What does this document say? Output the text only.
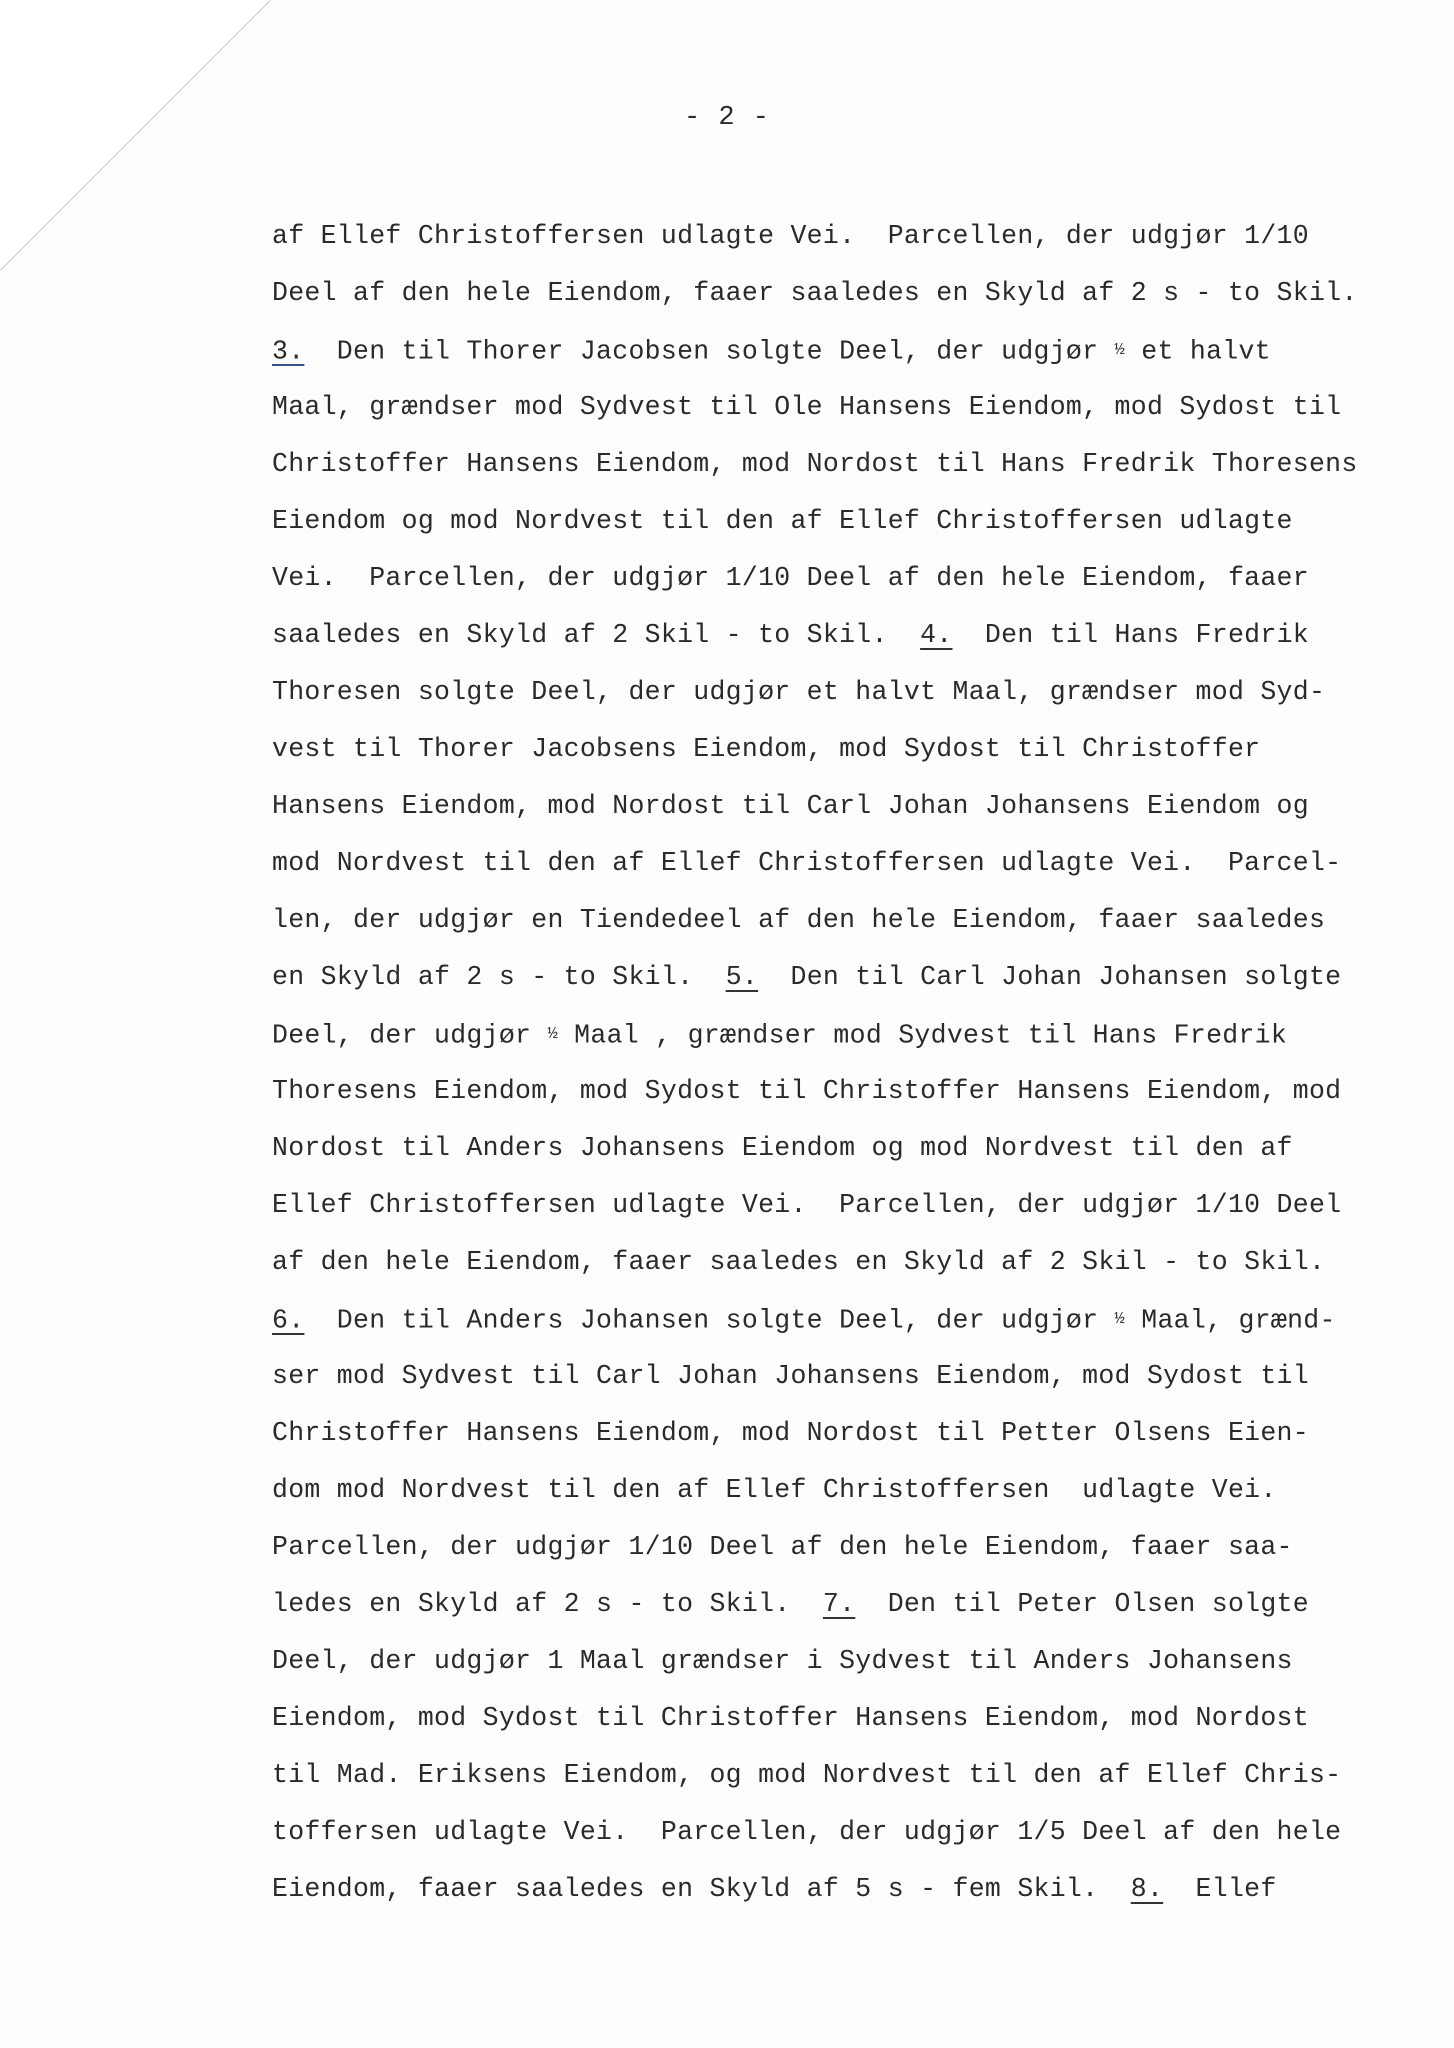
- 2 -
af Ellef Christoffersen udlagte Vei.  Parcellen, der udgjør 1/10
Deel af den hele Eiendom, faaer saaledes en Skyld af 2 s - to Skil.
3.  Den til Thorer Jacobsen solgte Deel, der udgjør ½ et halvt
Maal, grændser mod Sydvest til Ole Hansens Eiendom, mod Sydost til
Christoffer Hansens Eiendom, mod Nordost til Hans Fredrik Thoresens
Eiendom og mod Nordvest til den af Ellef Christoffersen udlagte
Vei.  Parcellen, der udgjør 1/10 Deel af den hele Eiendom, faaer
saaledes en Skyld af 2 Skil - to Skil.  4.  Den til Hans Fredrik
Thoresen solgte Deel, der udgjør et halvt Maal, grændser mod Syd-
vest til Thorer Jacobsens Eiendom, mod Sydost til Christoffer
Hansens Eiendom, mod Nordost til Carl Johan Johansens Eiendom og
mod Nordvest til den af Ellef Christoffersen udlagte Vei.  Parcel-
len, der udgjør en Tiendedeel af den hele Eiendom, faaer saaledes
en Skyld af 2 s - to Skil.  5.  Den til Carl Johan Johansen solgte
Deel, der udgjør ½ Maal , grændser mod Sydvest til Hans Fredrik
Thoresens Eiendom, mod Sydost til Christoffer Hansens Eiendom, mod
Nordost til Anders Johansens Eiendom og mod Nordvest til den af
Ellef Christoffersen udlagte Vei.  Parcellen, der udgjør 1/10 Deel
af den hele Eiendom, faaer saaledes en Skyld af 2 Skil - to Skil.
6.  Den til Anders Johansen solgte Deel, der udgjør ½ Maal, grænd-
ser mod Sydvest til Carl Johan Johansens Eiendom, mod Sydost til
Christoffer Hansens Eiendom, mod Nordost til Petter Olsens Eien-
dom mod Nordvest til den af Ellef Christoffersen  udlagte Vei.
Parcellen, der udgjør 1/10 Deel af den hele Eiendom, faaer saa-
ledes en Skyld af 2 s - to Skil.  7.  Den til Peter Olsen solgte
Deel, der udgjør 1 Maal grændser i Sydvest til Anders Johansens
Eiendom, mod Sydost til Christoffer Hansens Eiendom, mod Nordost
til Mad. Eriksens Eiendom, og mod Nordvest til den af Ellef Chris-
toffersen udlagte Vei.  Parcellen, der udgjør 1/5 Deel af den hele
Eiendom, faaer saaledes en Skyld af 5 s - fem Skil.  8.  Ellef
